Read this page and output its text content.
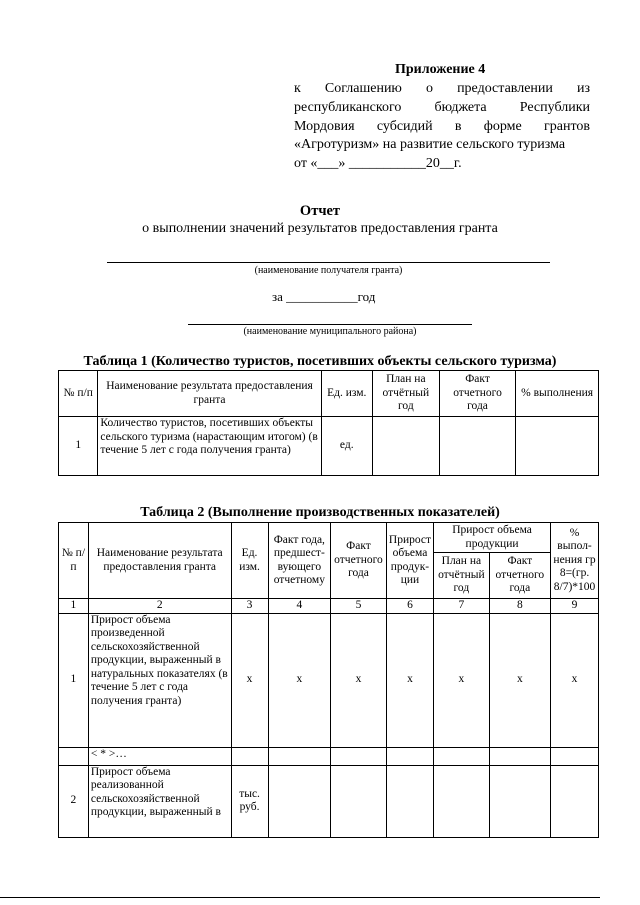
Приложение 4
к Соглашению о предоставлении из
республиканского бюджета Республики
Мордовия субсидий в форме грантов
«Агротуризм» на развитие сельского туризма
от «___» ___________20__г.
Отчет
о выполнении значений результатов предоставления гранта
(наименование получателя гранта)
за ___________год
(наименование муниципального района)
Таблица 1 (Количество туристов, посетивших объекты сельского туризма)
№ п/п	Наименование результата предоставления гранта	Ед. изм.	План на отчётный год	Факт отчетного года	% выполнения
1	Количество туристов, посетивших объекты сельского туризма (нарастающим итогом) (в течение 5 лет с года получения гранта)	ед.			
Таблица 2 (Выполнение производственных показателей)
№ п/ п	Наименование результата предоставления гранта	Ед. изм.	Факт года, предшест-вующего отчетному	Факт отчетного года	Прирост объема продук-ции	Прирост объема продукции		% выпол-нения гр 8=(гр. 8/7)*100
						План на отчётный год	Факт отчетного года	
1	2	3	4	5	6	7	8	9
1	Прирост объема произведенной сельскохозяйственной продукции, выраженный в натуральных показателях (в течение 5 лет с года получения гранта)	х	х	х	х	х	х	х
	< * >…							
2	Прирост объема реализованной сельскохозяйственной продукции, выраженный в	тыс. руб.						
